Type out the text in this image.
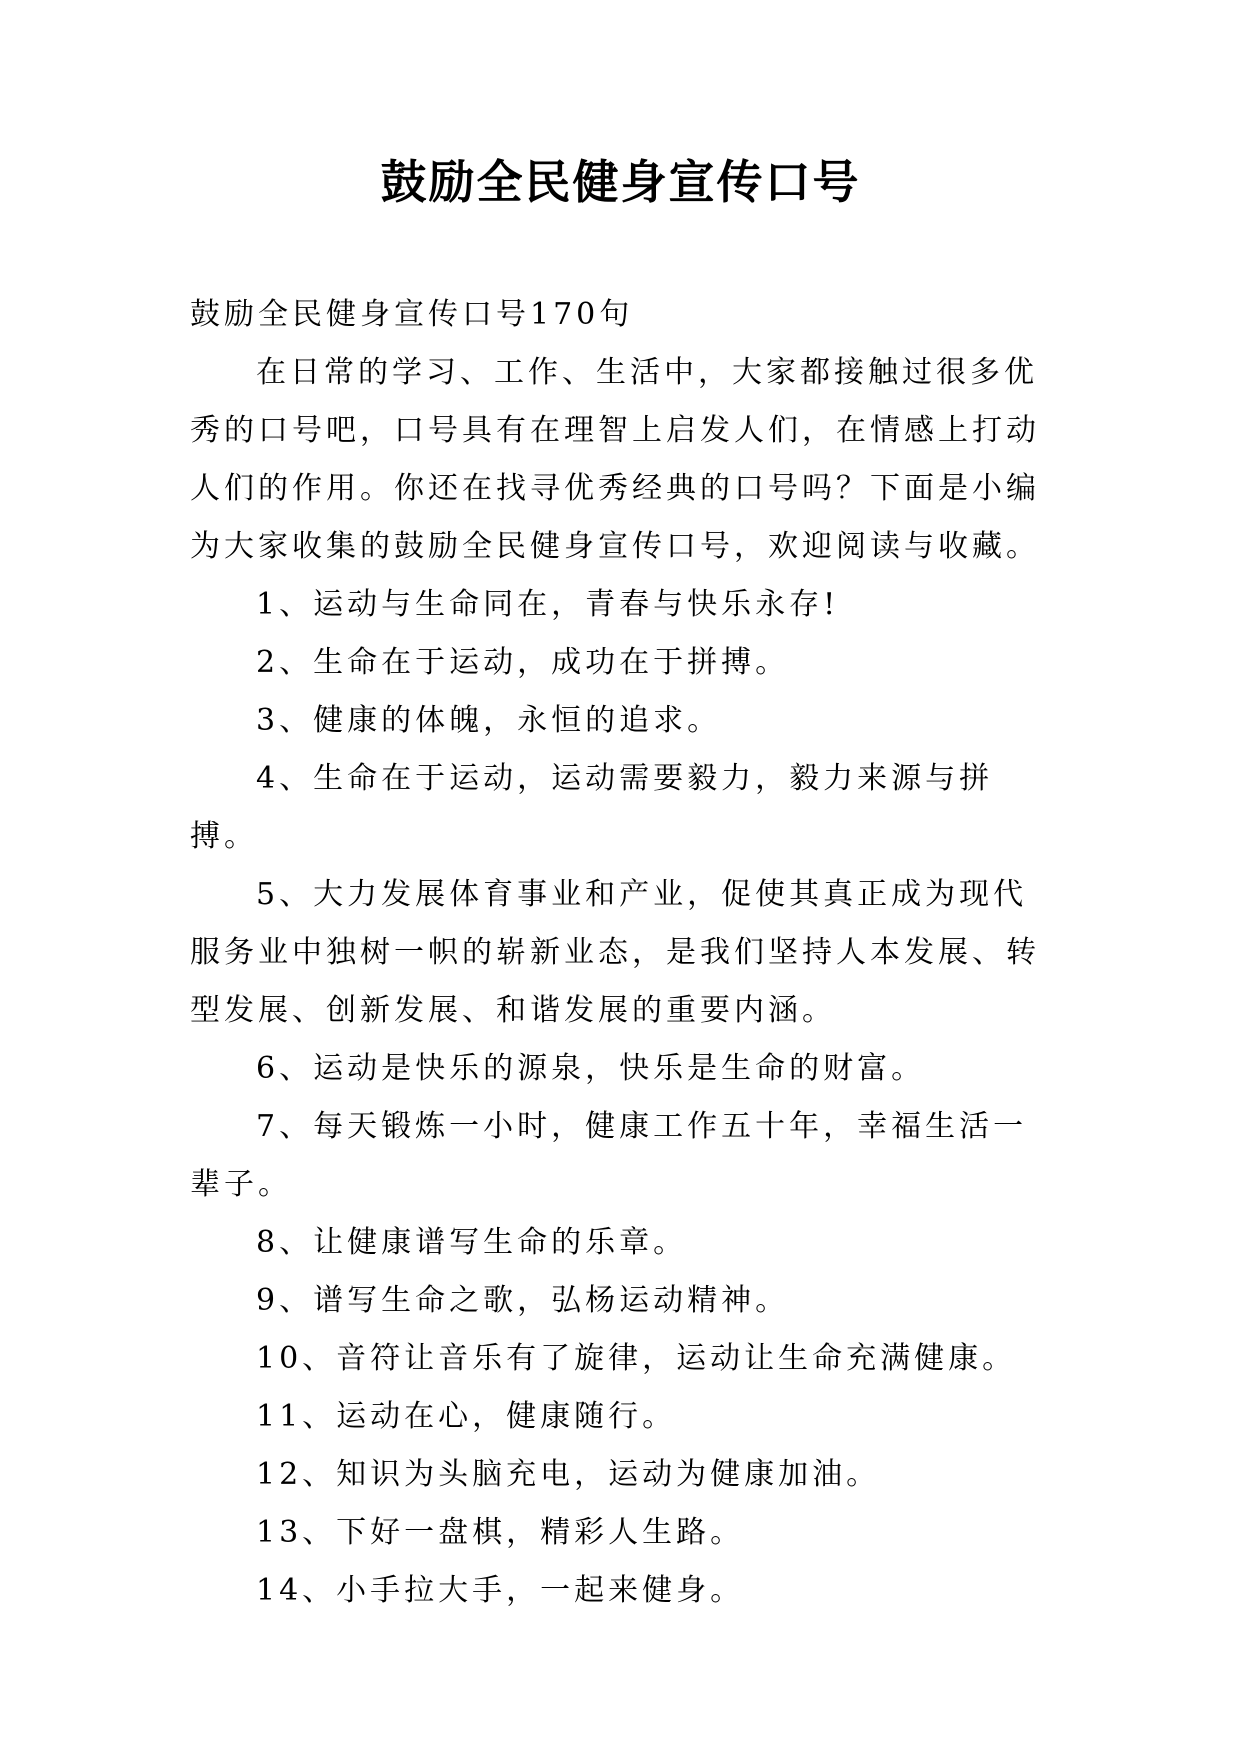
鼓励全民健身宣传口号

鼓励全民健身宣传口号170句

在日常的学习、工作、生活中，大家都接触过很多优秀的口号吧，口号具有在理智上启发人们，在情感上打动人们的作用。你还在找寻优秀经典的口号吗？下面是小编为大家收集的鼓励全民健身宣传口号，欢迎阅读与收藏。

1、运动与生命同在，青春与快乐永存!

2、生命在于运动，成功在于拼搏。

3、健康的体魄，永恒的追求。

4、生命在于运动，运动需要毅力，毅力来源与拼搏。

5、大力发展体育事业和产业，促使其真正成为现代服务业中独树一帜的崭新业态，是我们坚持人本发展、转型发展、创新发展、和谐发展的重要内涵。

6、运动是快乐的源泉，快乐是生命的财富。

7、每天锻炼一小时，健康工作五十年，幸福生活一辈子。

8、让健康谱写生命的乐章。

9、谱写生命之歌，弘杨运动精神。

10、音符让音乐有了旋律，运动让生命充满健康。

11、运动在心，健康随行。

12、知识为头脑充电，运动为健康加油。

13、下好一盘棋，精彩人生路。

14、小手拉大手，一起来健身。
